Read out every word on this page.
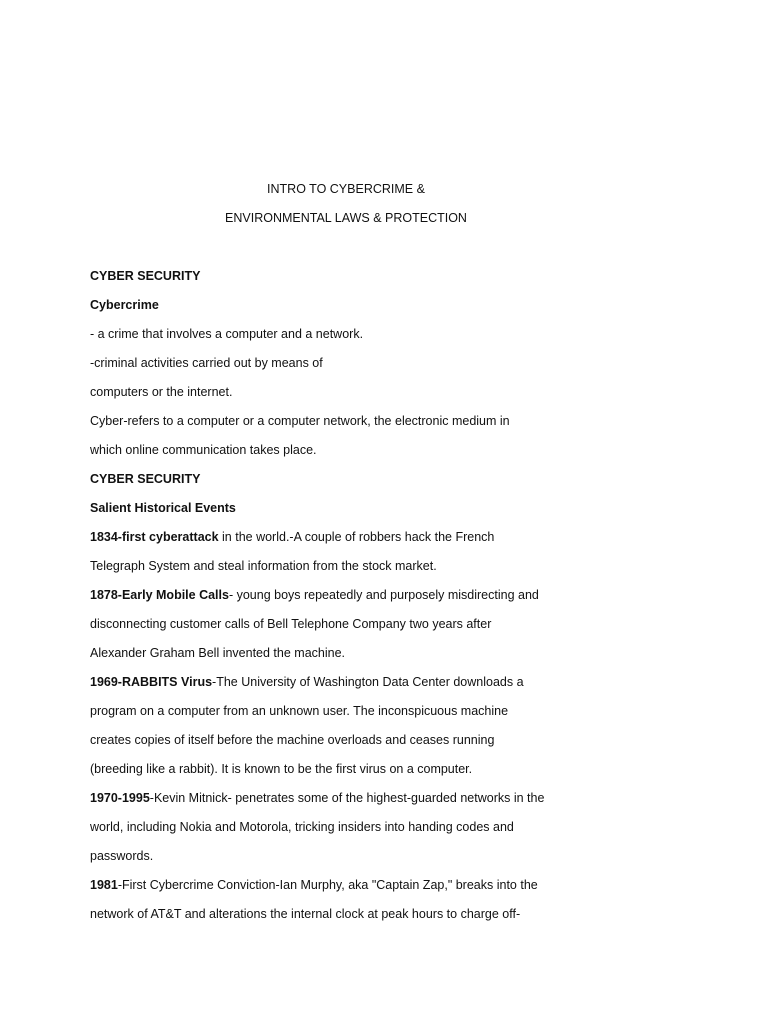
INTRO TO CYBERCRIME &
ENVIRONMENTAL LAWS & PROTECTION
CYBER SECURITY
Cybercrime
- a crime that involves a computer and a network.
-criminal activities carried out by means of
computers or the internet.
Cyber-refers to a computer or a computer network, the electronic medium in
which online communication takes place.
CYBER SECURITY
Salient Historical Events
1834-first cyberattack in the world.-A couple of robbers hack the French
Telegraph System and steal information from the stock market.
1878-Early Mobile Calls- young boys repeatedly and purposely misdirecting and
disconnecting customer calls of Bell Telephone Company two years after
Alexander Graham Bell invented the machine.
1969-RABBITS Virus-The University of Washington Data Center downloads a
program on a computer from an unknown user. The inconspicuous machine
creates copies of itself before the machine overloads and ceases running
(breeding like a rabbit). It is known to be the first virus on a computer.
1970-1995-Kevin Mitnick- penetrates some of the highest-guarded networks in the
world, including Nokia and Motorola, tricking insiders into handing codes and
passwords.
1981-First Cybercrime Conviction-Ian Murphy, aka "Captain Zap," breaks into the
network of AT&T and alterations the internal clock at peak hours to charge off-
